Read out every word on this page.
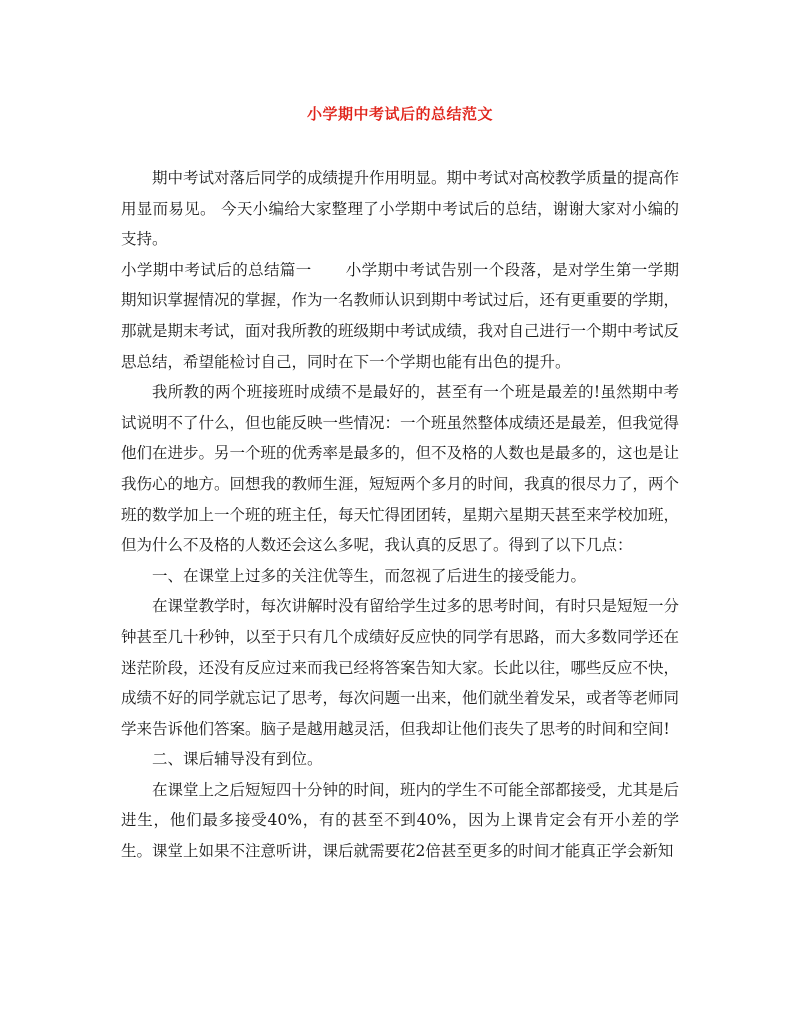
小学期中考试后的总结范文

期中考试对落后同学的成绩提升作用明显。期中考试对高校教学质量的提高作用显而易见。 今天小编给大家整理了小学期中考试后的总结，谢谢大家对小编的支持。

小学期中考试后的总结篇一 小学期中考试告别一个段落，是对学生第一学期期知识掌握情况的掌握，作为一名教师认识到期中考试过后，还有更重要的学期，那就是期末考试，面对我所教的班级期中考试成绩，我对自己进行一个期中考试反思总结，希望能检讨自己，同时在下一个学期也能有出色的提升。

我所教的两个班接班时成绩不是最好的，甚至有一个班是最差的!虽然期中考试说明不了什么，但也能反映一些情况：一个班虽然整体成绩还是最差，但我觉得他们在进步。另一个班的优秀率是最多的，但不及格的人数也是最多的，这也是让我伤心的地方。回想我的教师生涯，短短两个多月的时间，我真的很尽力了，两个班的数学加上一个班的班主任，每天忙得团团转，星期六星期天甚至来学校加班，但为什么不及格的人数还会这么多呢，我认真的反思了。得到了以下几点：

一、在课堂上过多的关注优等生，而忽视了后进生的接受能力。

在课堂教学时，每次讲解时没有留给学生过多的思考时间，有时只是短短一分钟甚至几十秒钟，以至于只有几个成绩好反应快的同学有思路，而大多数同学还在迷茫阶段，还没有反应过来而我已经将答案告知大家。长此以往，哪些反应不快，成绩不好的同学就忘记了思考，每次问题一出来，他们就坐着发呆，或者等老师同学来告诉他们答案。脑子是越用越灵活，但我却让他们丧失了思考的时间和空间!

二、课后辅导没有到位。

在课堂上之后短短四十分钟的时间，班内的学生不可能全部都接受，尤其是后进生，他们最多接受40%，有的甚至不到40%，因为上课肯定会有开小差的学生。课堂上如果不注意听讲，课后就需要花2倍甚至更多的时间才能真正学会新知
